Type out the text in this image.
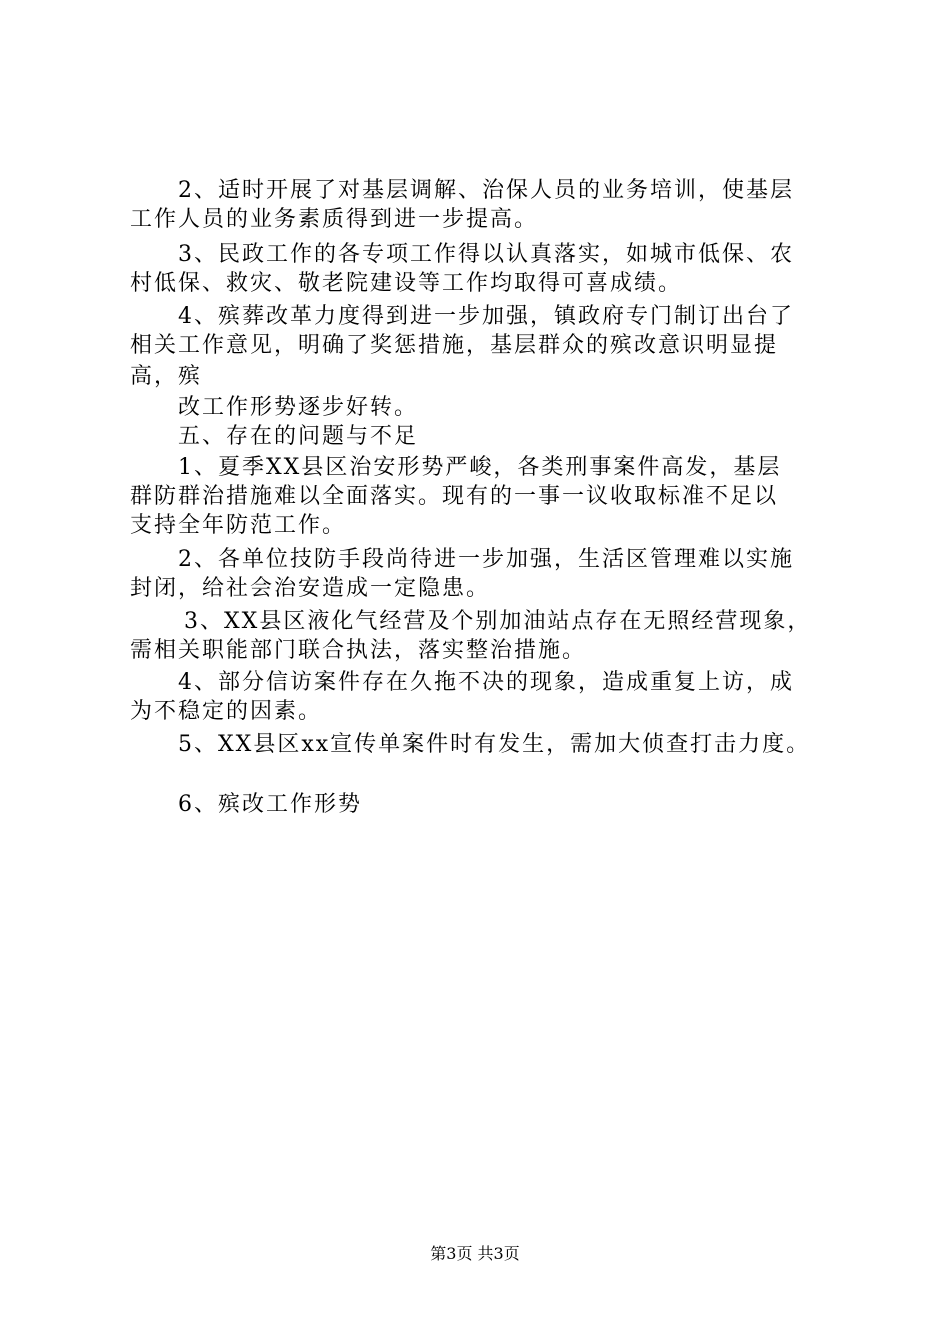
2、适时开展了对基层调解、治保人员的业务培训，使基层
工作人员的业务素质得到进一步提高。
3、民政工作的各专项工作得以认真落实，如城市低保、农
村低保、救灾、敬老院建设等工作均取得可喜成绩。
4、殡葬改革力度得到进一步加强，镇政府专门制订出台了
相关工作意见，明确了奖惩措施，基层群众的殡改意识明显提
高，殡
改工作形势逐步好转。
五、存在的问题与不足
1、夏季XX县区治安形势严峻，各类刑事案件高发，基层
群防群治措施难以全面落实。现有的一事一议收取标准不足以
支持全年防范工作。
2、各单位技防手段尚待进一步加强，生活区管理难以实施
封闭，给社会治安造成一定隐患。
3、XX县区液化气经营及个别加油站点存在无照经营现象，
需相关职能部门联合执法，落实整治措施。
4、部分信访案件存在久拖不决的现象，造成重复上访，成
为不稳定的因素。
5、XX县区xx宣传单案件时有发生，需加大侦查打击力度。
6、殡改工作形势
第3页 共3页
